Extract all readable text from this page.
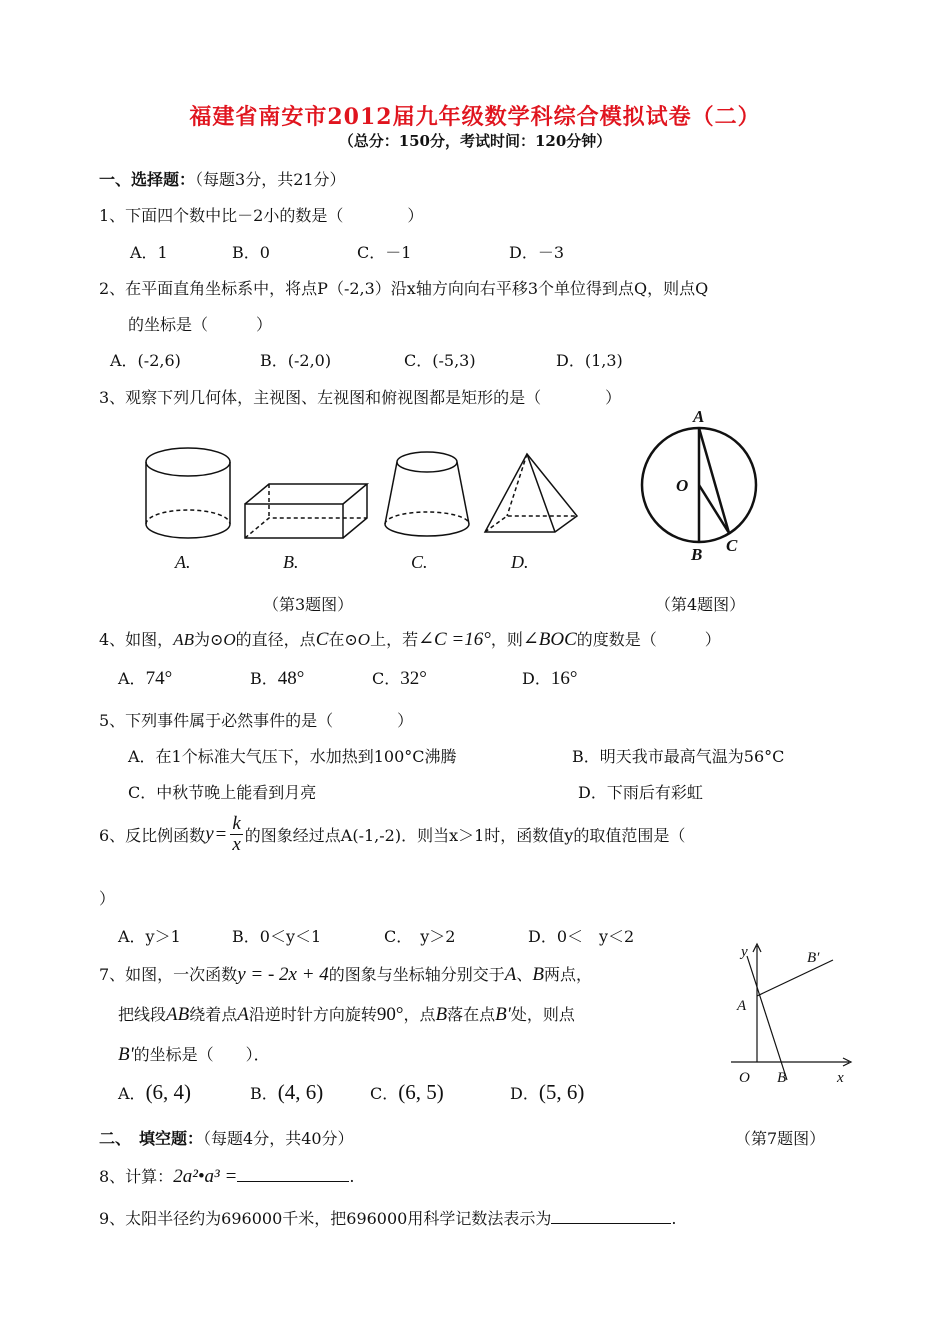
福建省南安市2012届九年级数学科综合模拟试卷（二）
（总分：150分，考试时间：120分钟）
一、选择题：（每题3分，共21分）
1、下面四个数中比－2小的数是（　　　　）
A．1	B．0	C．－1	D．－3
2、在平面直角坐标系中，将点P（-2,3）沿x轴方向向右平移3个单位得到点Q，则点Q
的坐标是（　　　）
A．(-2,6)	B．(-2,0)	C．(-5,3)	D．(1,3)
3、观察下列几何体，主视图、左视图和俯视图都是矩形的是（　　　　）
A.	B.	C.	D.
A
O
B C
（第3题图）	（第4题图）
4、如图，AB为⊙O的直径，点C在⊙O上，若∠C =16°，则∠BOC的度数是（　　　）
A．74°	B．48°	C．32°	D．16°
5、下列事件属于必然事件的是（　　　　）
A．在1个标准大气压下，水加热到100°C沸腾	B．明天我市最高气温为56°C
C．中秋节晚上能看到月亮	D．下雨后有彩虹
6、反比例函数$y = \frac{k}{x}$ 的图象经过点A(-1,-2)．则当x＞1时，函数值y的取值范围是（
）
A．y＞1	B．0＜y＜1	C．　y＞2	D．0＜　y＜2
7、如图，一次函数y = - 2x + 4的图象与坐标轴分别交于A、B两点，
把线段AB绕着点A沿逆时针方向旋转90°，点B落在点B′处，则点
B'的坐标是（　　）．
A．(6, 4)	B．(4, 6)	C．(6, 5)	D．(5, 6)
y	B′
A
O B	x
二、　填空题：（每题4分，共40分）	（第7题图）
8、计算：2a²•a³ =	.
9、太阳半径约为696000千米，把696000用科学记数法表示为	.
